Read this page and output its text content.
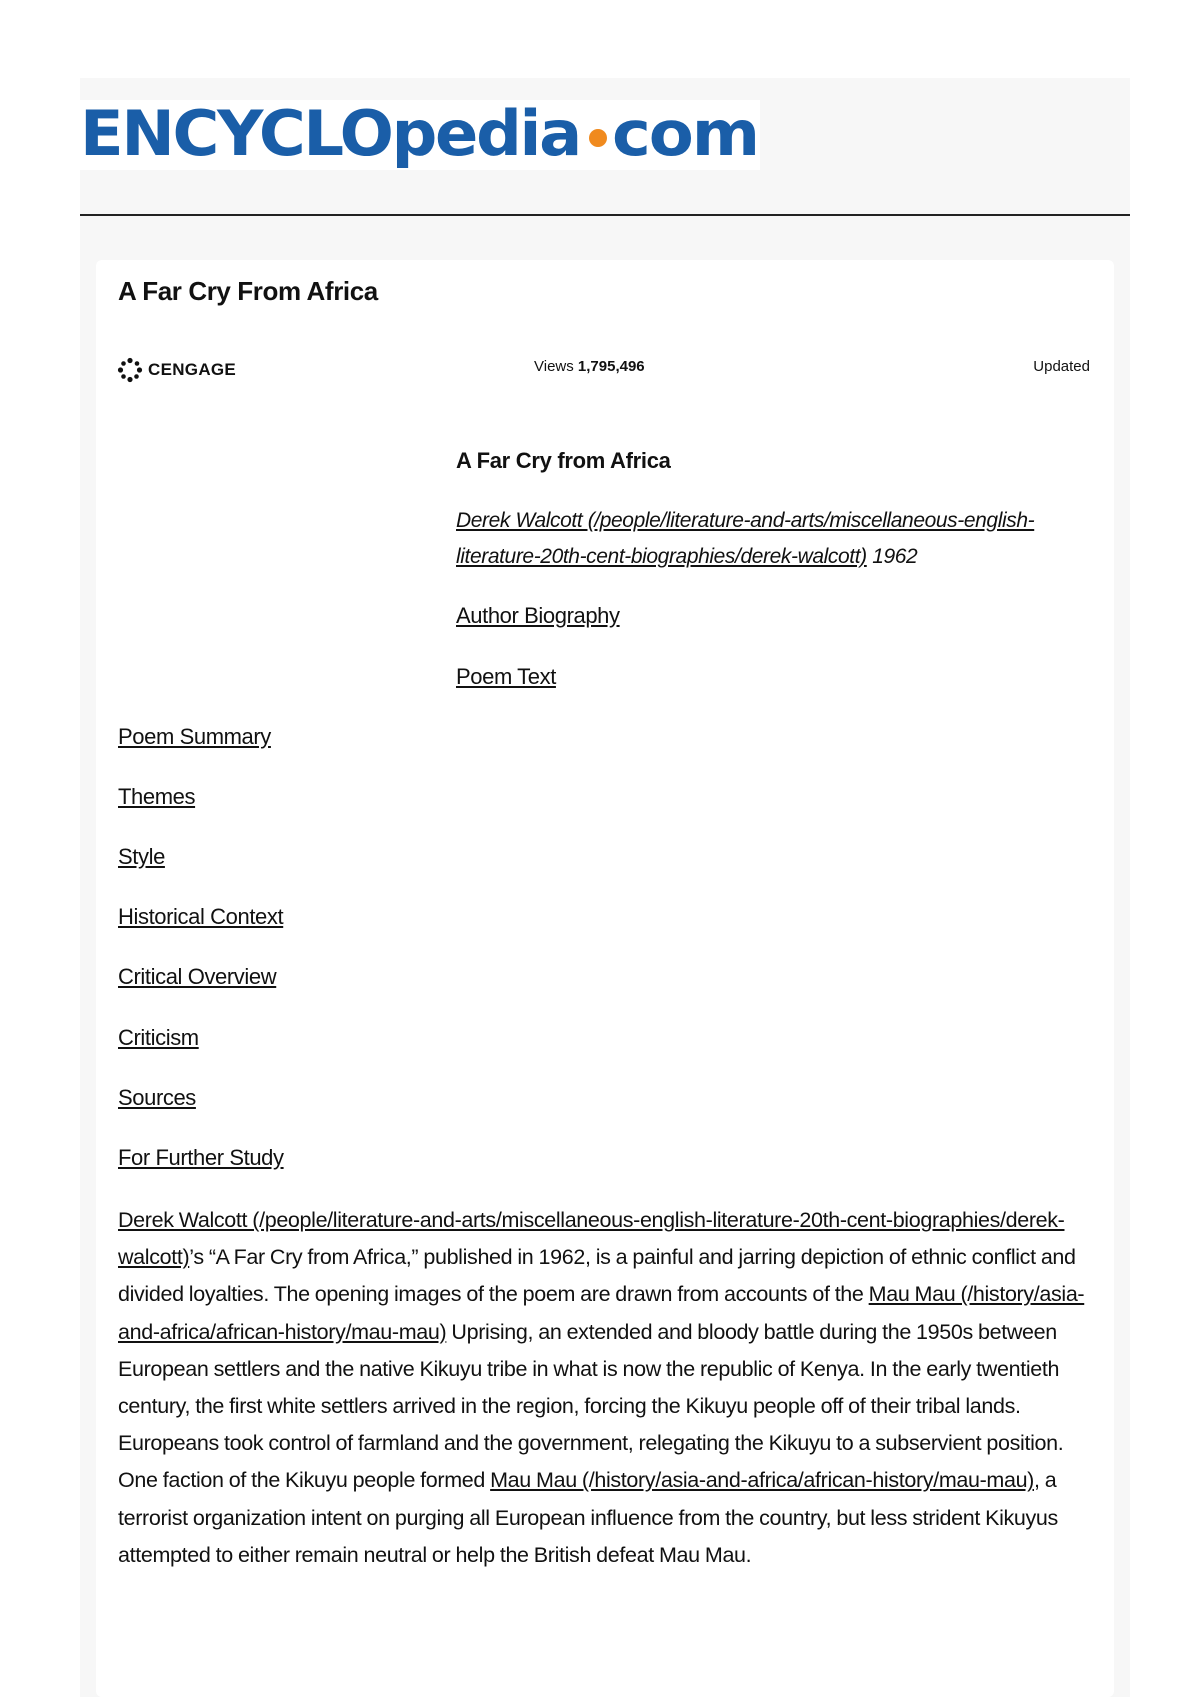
ENCYCLOpedia com
A Far Cry From Africa
CENGAGE	Views 1,795,496	Updated
A Far Cry from Africa
Derek Walcott (/people/literature-and-arts/miscellaneous-english-literature-20th-cent-biographies/derek-walcott) 1962
Author Biography
Poem Text
Poem Summary
Themes
Style
Historical Context
Critical Overview
Criticism
Sources
For Further Study

Derek Walcott (/people/literature-and-arts/miscellaneous-english-literature-20th-cent-biographies/derek-walcott)’s “A Far Cry from Africa,” published in 1962, is a painful and jarring depiction of ethnic conflict and divided loyalties. The opening images of the poem are drawn from accounts of the Mau Mau (/history/asia-and-africa/african-history/mau-mau) Uprising, an extended and bloody battle during the 1950s between European settlers and the native Kikuyu tribe in what is now the republic of Kenya. In the early twentieth century, the first white settlers arrived in the region, forcing the Kikuyu people off of their tribal lands. Europeans took control of farmland and the government, relegating the Kikuyu to a subservient position. One faction of the Kikuyu people formed Mau Mau (/history/asia-and-africa/african-history/mau-mau), a terrorist organization intent on purging all European influence from the country, but less strident Kikuyus attempted to either remain neutral or help the British defeat Mau Mau.
